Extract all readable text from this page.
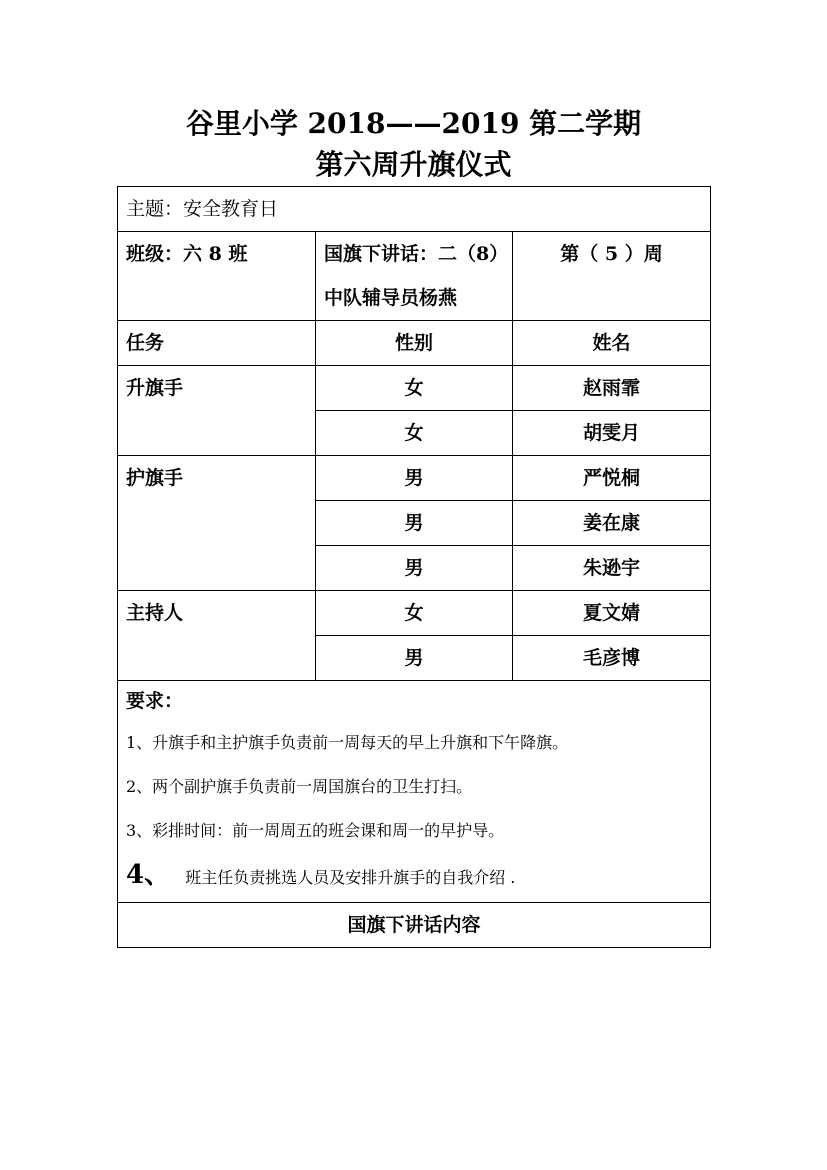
谷里小学 2018——2019 第二学期
第六周升旗仪式
主题：安全教育日		
班级：六 8 班	国旗下讲话：二（8）中队辅导员杨燕	第（ 5 ）周
任务	性别	姓名
升旗手	女	赵雨霏
	女	胡雯月
护旗手	男	严悦桐
	男	姜在康
	男	朱逊宇
主持人	女	夏文婧
	男	毛彦博

要求：
1、升旗手和主护旗手负责前一周每天的早上升旗和下午降旗。
2、两个副护旗手负责前一周国旗台的卫生打扫。
3、彩排时间：前一周周五的班会课和周一的早护导。
4、 班主任负责挑选人员及安排升旗手的自我介绍 .		

国旗下讲话内容		
